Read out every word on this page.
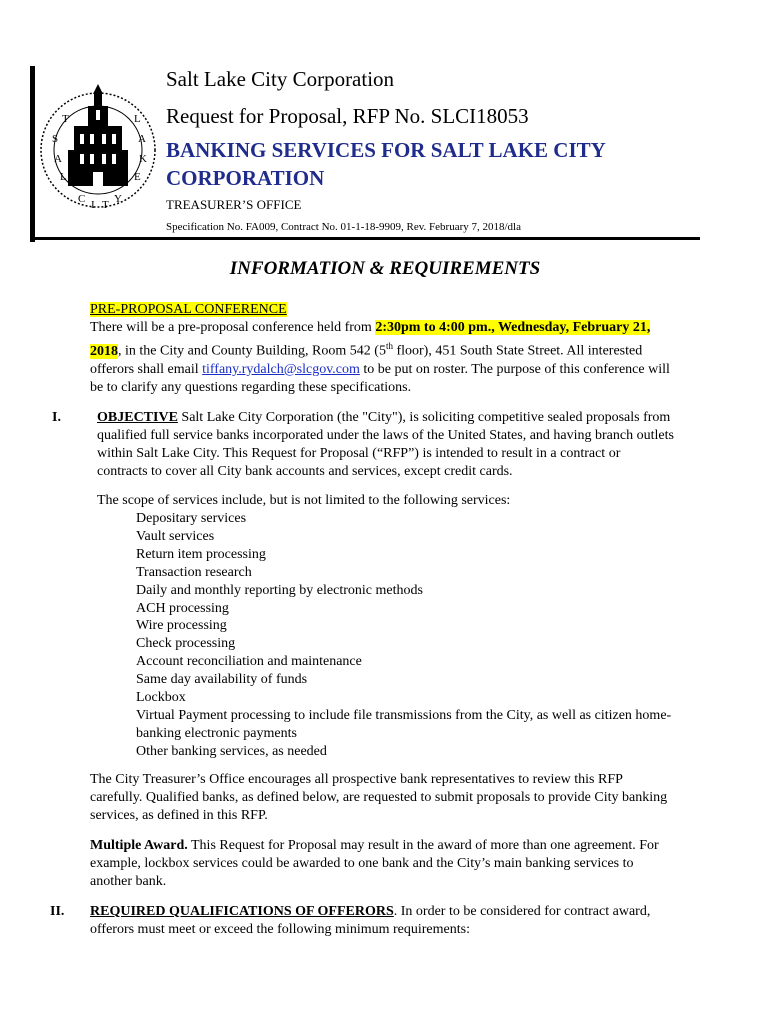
S
A
L
T	L
A
K
E
C I T Y
Salt Lake City Corporation
Request for Proposal, RFP No. SLCI18053
BANKING SERVICES FOR SALT LAKE CITY
CORPORATION
TREASURER’S OFFICE
Specification No. FA009, Contract No. 01-1-18-9909, Rev. February 7, 2018/dla
INFORMATION & REQUIREMENTS
PRE-PROPOSAL CONFERENCE
There will be a pre-proposal conference held from 2:30pm to 4:00 pm., Wednesday, February 21,
2018, in the City and County Building, Room 542 (5th floor), 451 South State Street. All interested
offerors shall email tiffany.rydalch@slcgov.com to be put on roster. The purpose of this conference will
be to clarify any questions regarding these specifications.
I.	OBJECTIVE Salt Lake City Corporation (the "City"), is soliciting competitive sealed proposals from
qualified full service banks incorporated under the laws of the United States, and having branch outlets
within Salt Lake City. This Request for Proposal (“RFP”) is intended to result in a contract or
contracts to cover all City bank accounts and services, except credit cards.
The scope of services include, but is not limited to the following services:
Depositary services
Vault services
Return item processing
Transaction research
Daily and monthly reporting by electronic methods
ACH processing
Wire processing
Check processing
Account reconciliation and maintenance
Same day availability of funds
Lockbox
Virtual Payment processing to include file transmissions from the City, as well as citizen home-
banking electronic payments
Other banking services, as needed
The City Treasurer’s Office encourages all prospective bank representatives to review this RFP
carefully. Qualified banks, as defined below, are requested to submit proposals to provide City banking
services, as defined in this RFP.
Multiple Award. This Request for Proposal may result in the award of more than one agreement. For
example, lockbox services could be awarded to one bank and the City’s main banking services to
another bank.
II. REQUIRED QUALIFICATIONS OF OFFERORS. In order to be considered for contract award,
offerors must meet or exceed the following minimum requirements:
